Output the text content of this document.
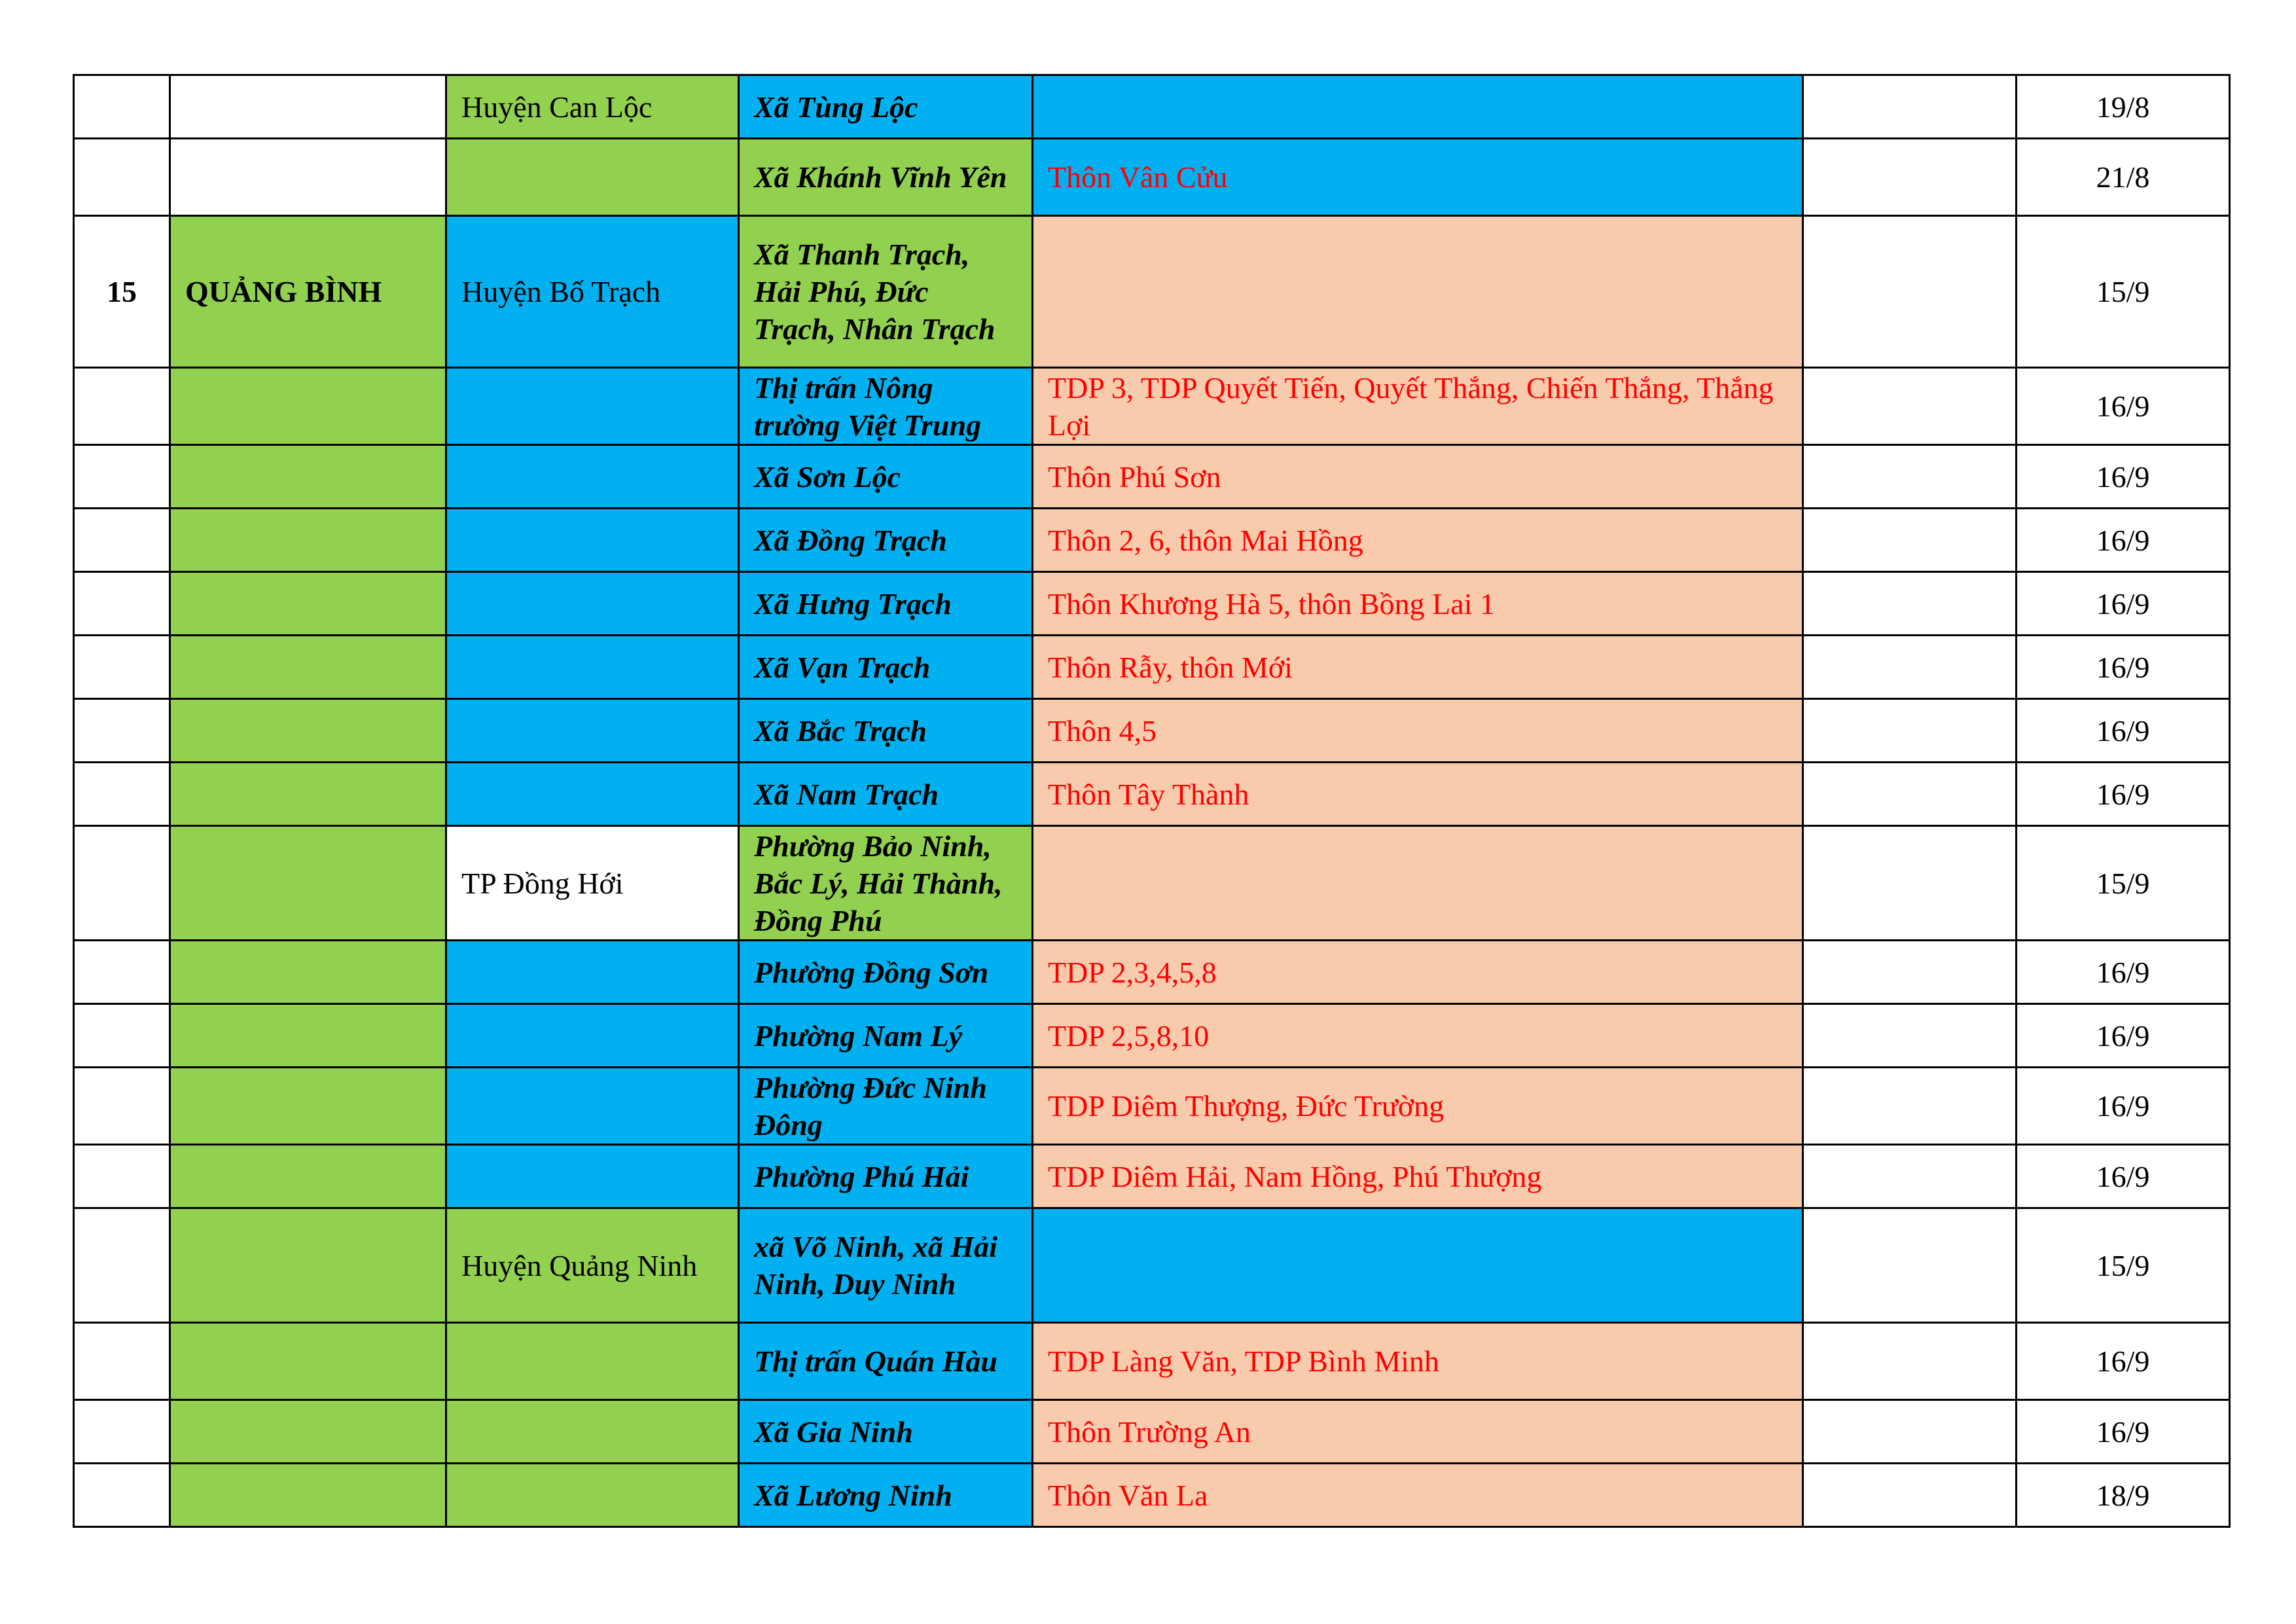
		Huyện Can Lộc	Xã Tùng Lộc			19/8
			Xã Khánh Vĩnh Yên	Thôn Vân Cửu		21/8
15	QUẢNG BÌNH	Huyện Bố Trạch	Xã Thanh Trạch, Hải Phú, Đức Trạch, Nhân Trạch			15/9
			Thị trấn Nông trường Việt Trung	TDP 3, TDP Quyết Tiến, Quyết Thắng, Chiến Thắng, Thắng Lợi		16/9
			Xã Sơn Lộc	Thôn Phú Sơn		16/9
			Xã Đồng Trạch	Thôn 2, 6, thôn Mai Hồng		16/9
			Xã Hưng Trạch	Thôn Khương Hà 5, thôn Bồng Lai 1		16/9
			Xã Vạn Trạch	Thôn Rẫy, thôn Mới		16/9
			Xã Bắc Trạch	Thôn 4,5		16/9
			Xã Nam Trạch	Thôn Tây Thành		16/9
		TP Đồng Hới	Phường Bảo Ninh, Bắc Lý, Hải Thành, Đồng Phú			15/9
			Phường Đồng Sơn	TDP 2,3,4,5,8		16/9
			Phường Nam Lý	TDP 2,5,8,10		16/9
			Phường Đức Ninh Đông	TDP Diêm Thượng, Đức Trường		16/9
			Phường Phú Hải	TDP Diêm Hải, Nam Hồng, Phú Thượng		16/9
		Huyện Quảng Ninh	xã Võ Ninh, xã Hải Ninh, Duy Ninh			15/9
			Thị trấn Quán Hàu	TDP Làng Văn, TDP Bình Minh		16/9
			Xã Gia Ninh	Thôn Trường An		16/9
			Xã Lương Ninh	Thôn Văn La		18/9
